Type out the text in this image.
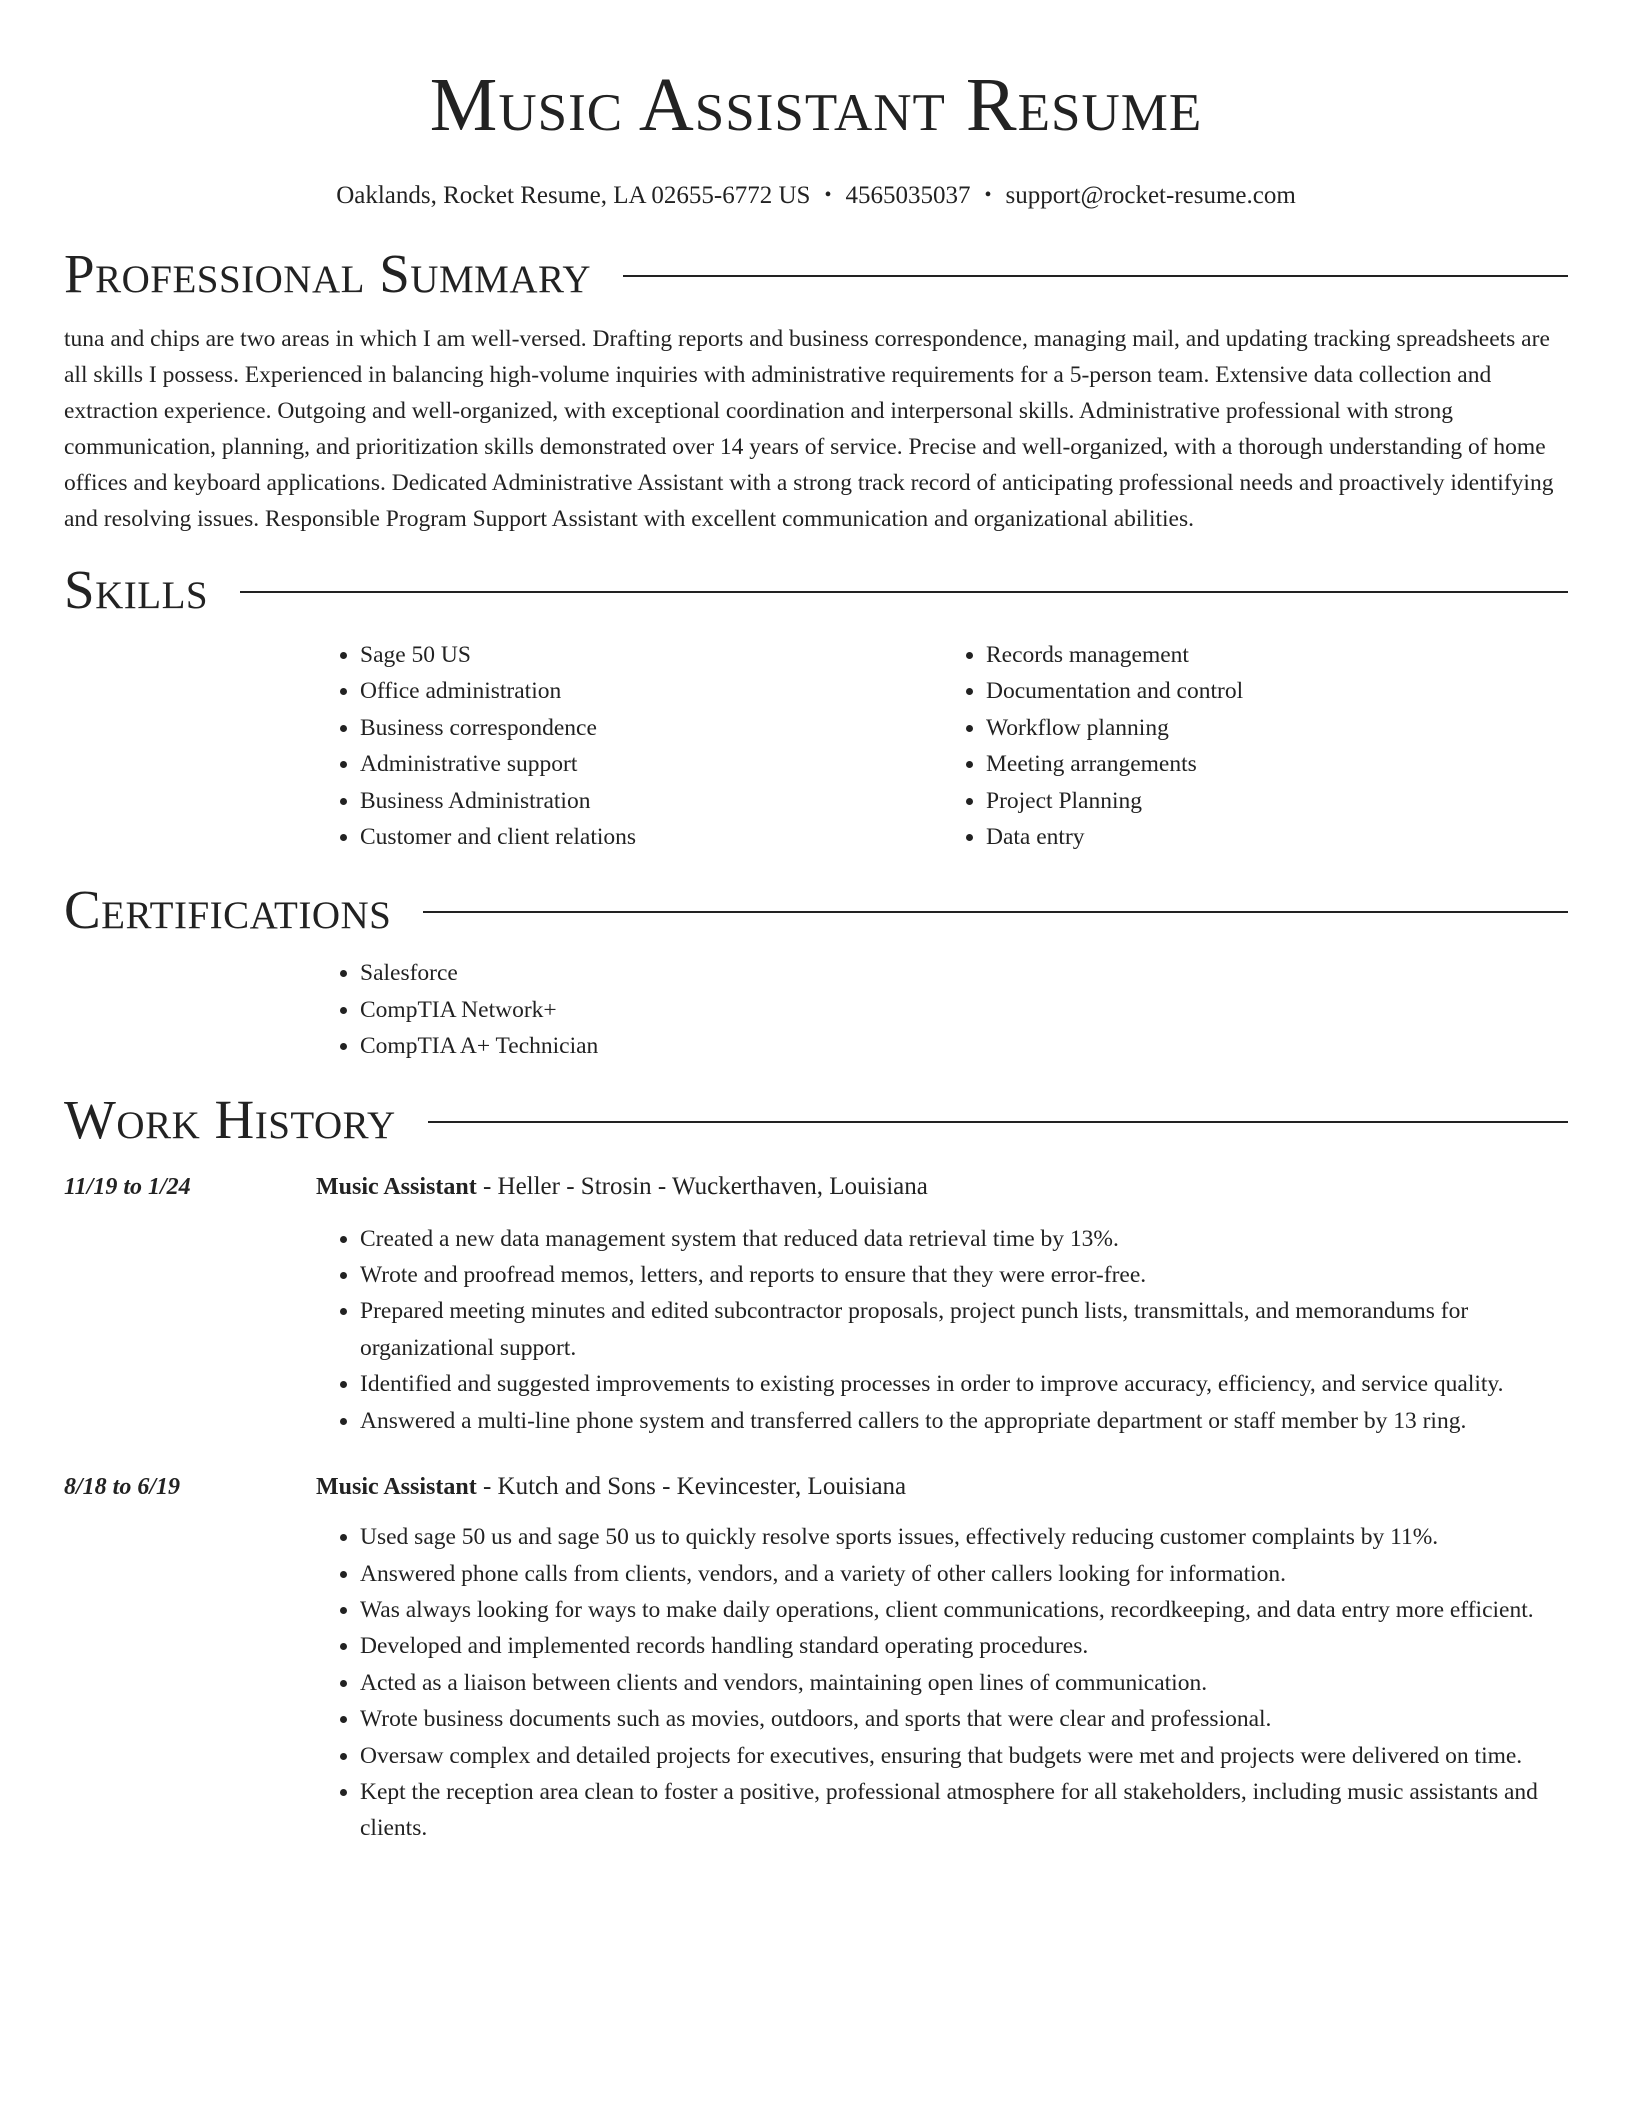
Music Assistant Resume
Oaklands, Rocket Resume, LA 02655-6772 US • 4565035037 • support@rocket-resume.com
Professional Summary

tuna and chips are two areas in which I am well-versed. Drafting reports and business correspondence, managing mail, and updating tracking spreadsheets are all skills I possess. Experienced in balancing high-volume inquiries with administrative requirements for a 5-person team. Extensive data collection and extraction experience. Outgoing and well-organized, with exceptional coordination and interpersonal skills. Administrative professional with strong communication, planning, and prioritization skills demonstrated over 14 years of service. Precise and well-organized, with a thorough understanding of home offices and keyboard applications. Dedicated Administrative Assistant with a strong track record of anticipating professional needs and proactively identifying and resolving issues. Responsible Program Support Assistant with excellent communication and organizational abilities.

Skills
• Sage 50 US
• Office administration
• Business correspondence
• Administrative support
• Business Administration
• Customer and client relations
• Records management
• Documentation and control
• Workflow planning
• Meeting arrangements
• Project Planning
• Data entry
Certifications
• Salesforce
• CompTIA Network+
• CompTIA A+ Technician
Work History
11/19 to 1/24	Music Assistant - Heller - Strosin - Wuckerthaven, Louisiana
• Created a new data management system that reduced data retrieval time by 13%.
• Wrote and proofread memos, letters, and reports to ensure that they were error-free.
• Prepared meeting minutes and edited subcontractor proposals, project punch lists, transmittals, and memorandums for organizational support.
• Identified and suggested improvements to existing processes in order to improve accuracy, efficiency, and service quality.
• Answered a multi-line phone system and transferred callers to the appropriate department or staff member by 13 ring.
8/18 to 6/19	Music Assistant - Kutch and Sons - Kevincester, Louisiana
• Used sage 50 us and sage 50 us to quickly resolve sports issues, effectively reducing customer complaints by 11%.
• Answered phone calls from clients, vendors, and a variety of other callers looking for information.
• Was always looking for ways to make daily operations, client communications, recordkeeping, and data entry more efficient.
• Developed and implemented records handling standard operating procedures.
• Acted as a liaison between clients and vendors, maintaining open lines of communication.
• Wrote business documents such as movies, outdoors, and sports that were clear and professional.
• Oversaw complex and detailed projects for executives, ensuring that budgets were met and projects were delivered on time.
• Kept the reception area clean to foster a positive, professional atmosphere for all stakeholders, including music assistants and clients.
